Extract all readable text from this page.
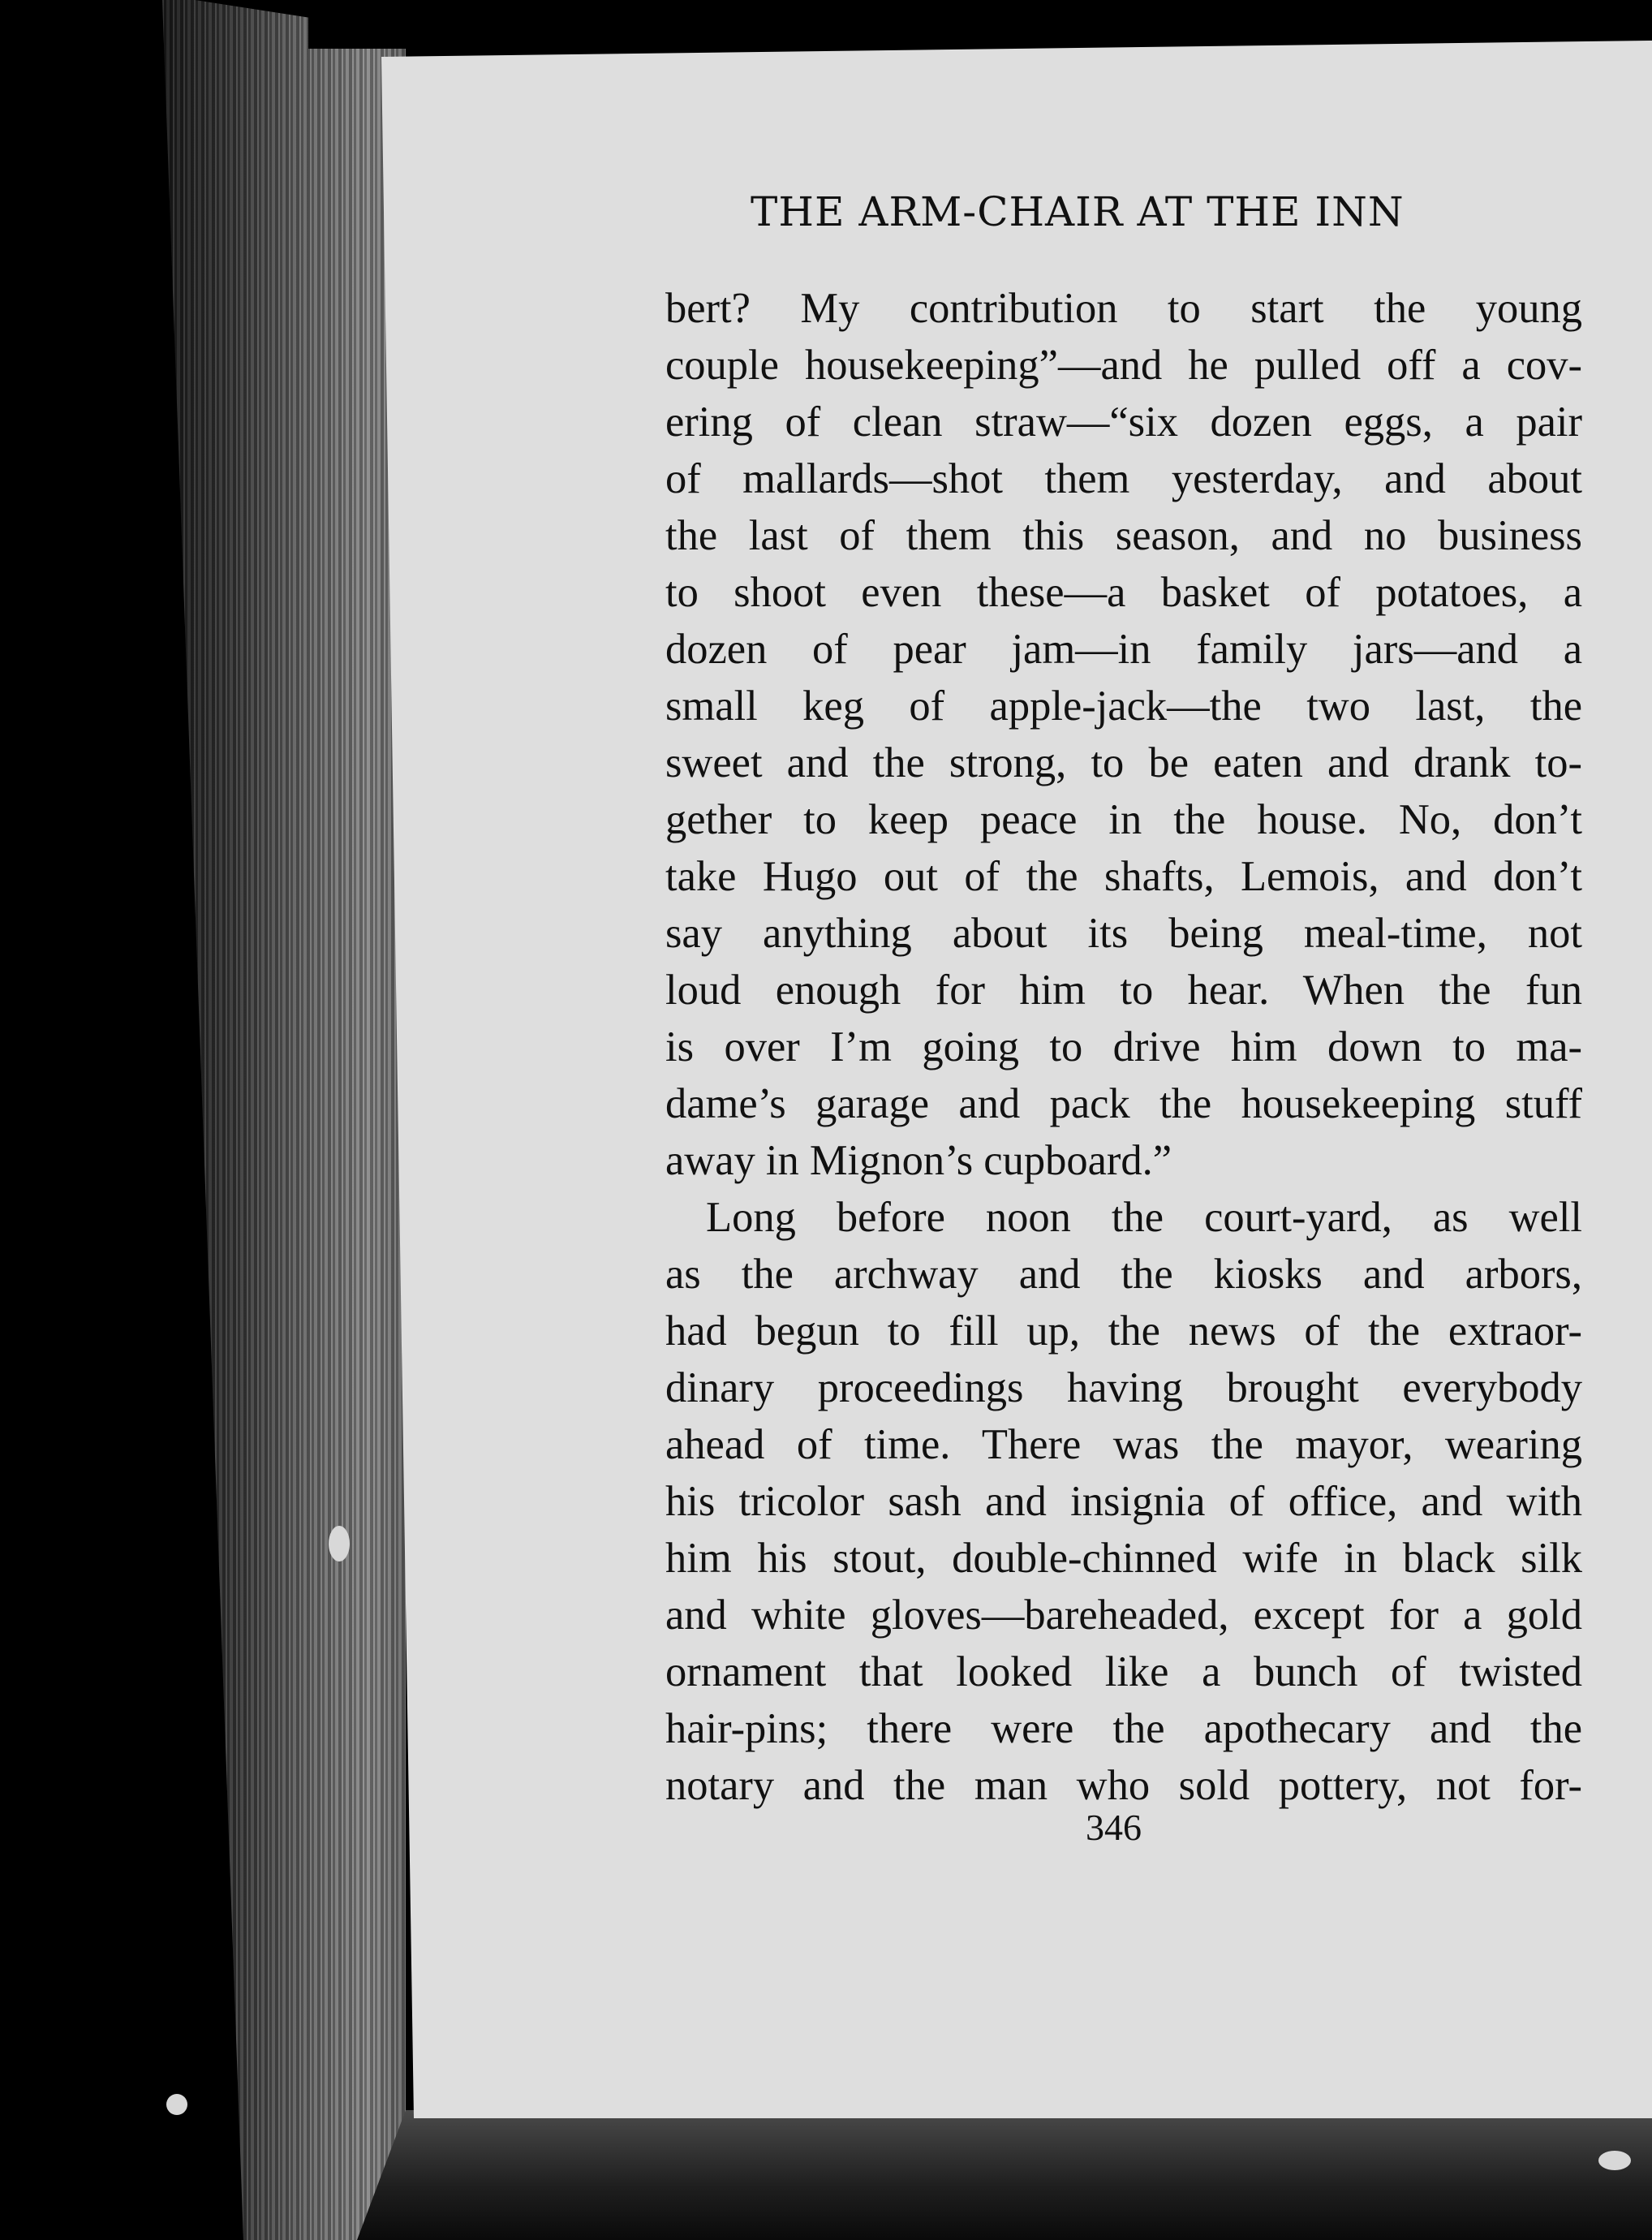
THE ARM-CHAIR AT THE INN
bert? My contribution to start the young
couple housekeeping”—and he pulled off a cov-
ering of clean straw—“six dozen eggs, a pair
of mallards—shot them yesterday, and about
the last of them this season, and no business
to shoot even these—a basket of potatoes, a
dozen of pear jam—in family jars—and a
small keg of apple-jack—the two last, the
sweet and the strong, to be eaten and drank to-
gether to keep peace in the house. No, don’t
take Hugo out of the shafts, Lemois, and don’t
say anything about its being meal-time, not
loud enough for him to hear. When the fun
is over I’m going to drive him down to ma-
dame’s garage and pack the housekeeping stuff
away in Mignon’s cupboard.”
Long before noon the court-yard, as well
as the archway and the kiosks and arbors,
had begun to fill up, the news of the extraor-
dinary proceedings having brought everybody
ahead of time. There was the mayor, wearing
his tricolor sash and insignia of office, and with
him his stout, double-chinned wife in black silk
and white gloves—bareheaded, except for a gold
ornament that looked like a bunch of twisted
hair-pins; there were the apothecary and the
notary and the man who sold pottery, not for-
346
